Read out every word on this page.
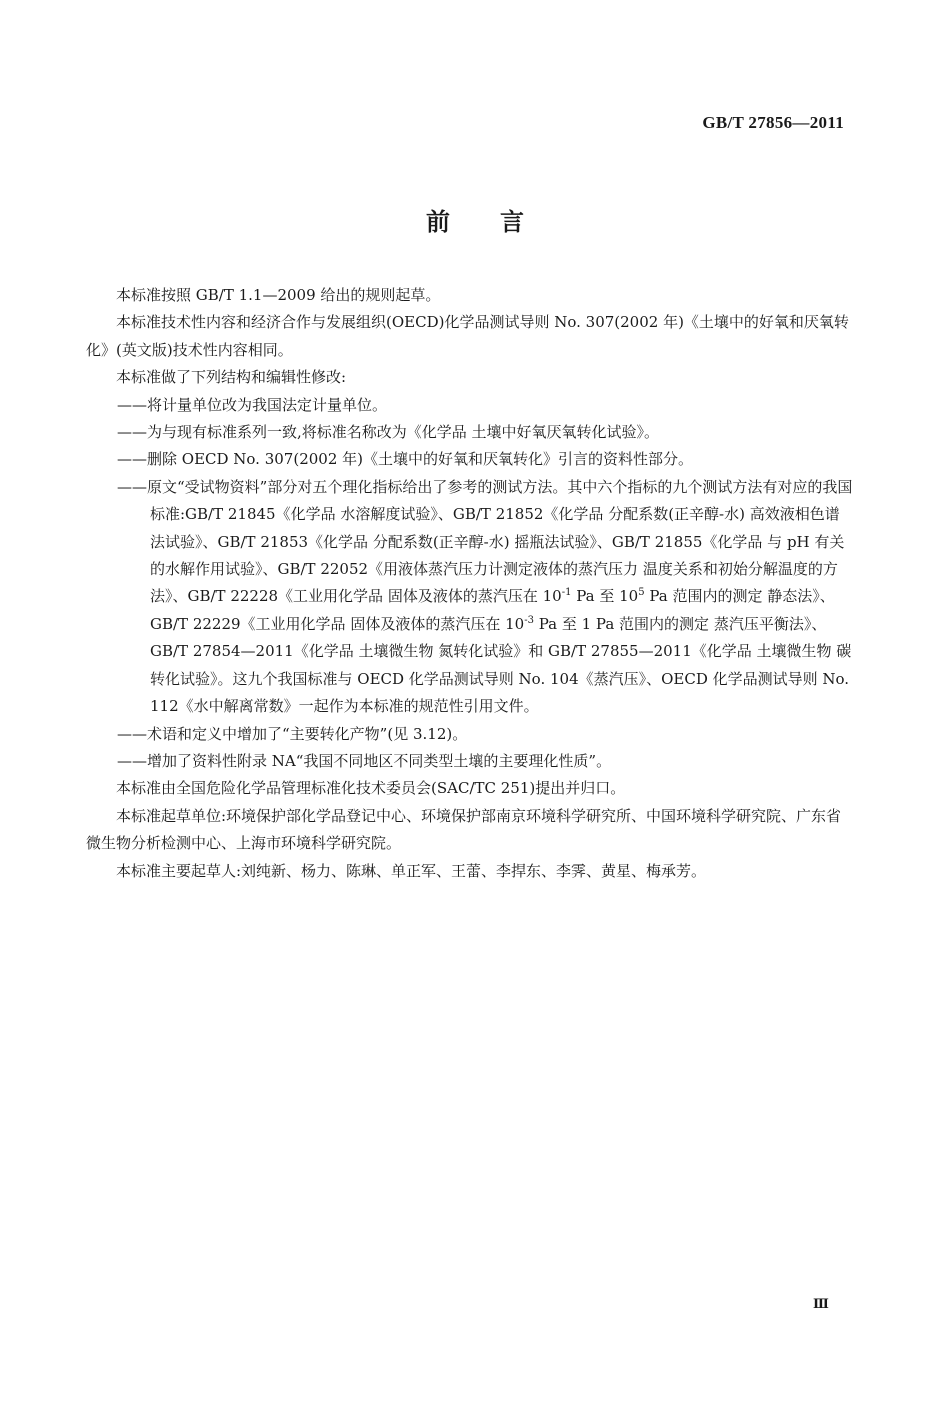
GB/T 27856—2011
前言

本标准按照 GB/T 1.1—2009 给出的规则起草。

本标准技术性内容和经济合作与发展组织(OECD)化学品测试导则 No. 307(2002 年)《土壤中的好氧和厌氧转化》(英文版)技术性内容相同。

本标准做了下列结构和编辑性修改:

——将计量单位改为我国法定计量单位。

——为与现有标准系列一致,将标准名称改为《化学品 土壤中好氧厌氧转化试验》。

——删除 OECD No. 307(2002 年)《土壤中的好氧和厌氧转化》引言的资料性部分。

——原文“受试物资料”部分对五个理化指标给出了参考的测试方法。其中六个指标的九个测试方法有对应的我国标准:GB/T 21845《化学品 水溶解度试验》、GB/T 21852《化学品 分配系数(正辛醇-水) 高效液相色谱法试验》、GB/T 21853《化学品 分配系数(正辛醇-水) 摇瓶法试验》、GB/T 21855《化学品 与 pH 有关的水解作用试验》、GB/T 22052《用液体蒸汽压力计测定液体的蒸汽压力 温度关系和初始分解温度的方法》、GB/T 22228《工业用化学品 固体及液体的蒸汽压在 $10^{-1}$ Pa 至 $10^5$ Pa 范围内的测定 静态法》、GB/T 22229《工业用化学品 固体及液体的蒸汽压在 $10^{-3}$ Pa 至 1 Pa 范围内的测定 蒸汽压平衡法》、GB/T 27854—2011《化学品 土壤微生物 氮转化试验》和 GB/T 27855—2011《化学品 土壤微生物 碳转化试验》。这九个我国标准与 OECD 化学品测试导则 No. 104《蒸汽压》、OECD 化学品测试导则 No. 112《水中解离常数》一起作为本标准的规范性引用文件。

——术语和定义中增加了“主要转化产物”(见 3.12)。

——增加了资料性附录 NA“我国不同地区不同类型土壤的主要理化性质”。

本标准由全国危险化学品管理标准化技术委员会(SAC/TC 251)提出并归口。

本标准起草单位:环境保护部化学品登记中心、环境保护部南京环境科学研究所、中国环境科学研究院、广东省微生物分析检测中心、上海市环境科学研究院。

本标准主要起草人:刘纯新、杨力、陈琳、单正军、王蕾、李捍东、李霁、黄星、梅承芳。

Ⅲ
